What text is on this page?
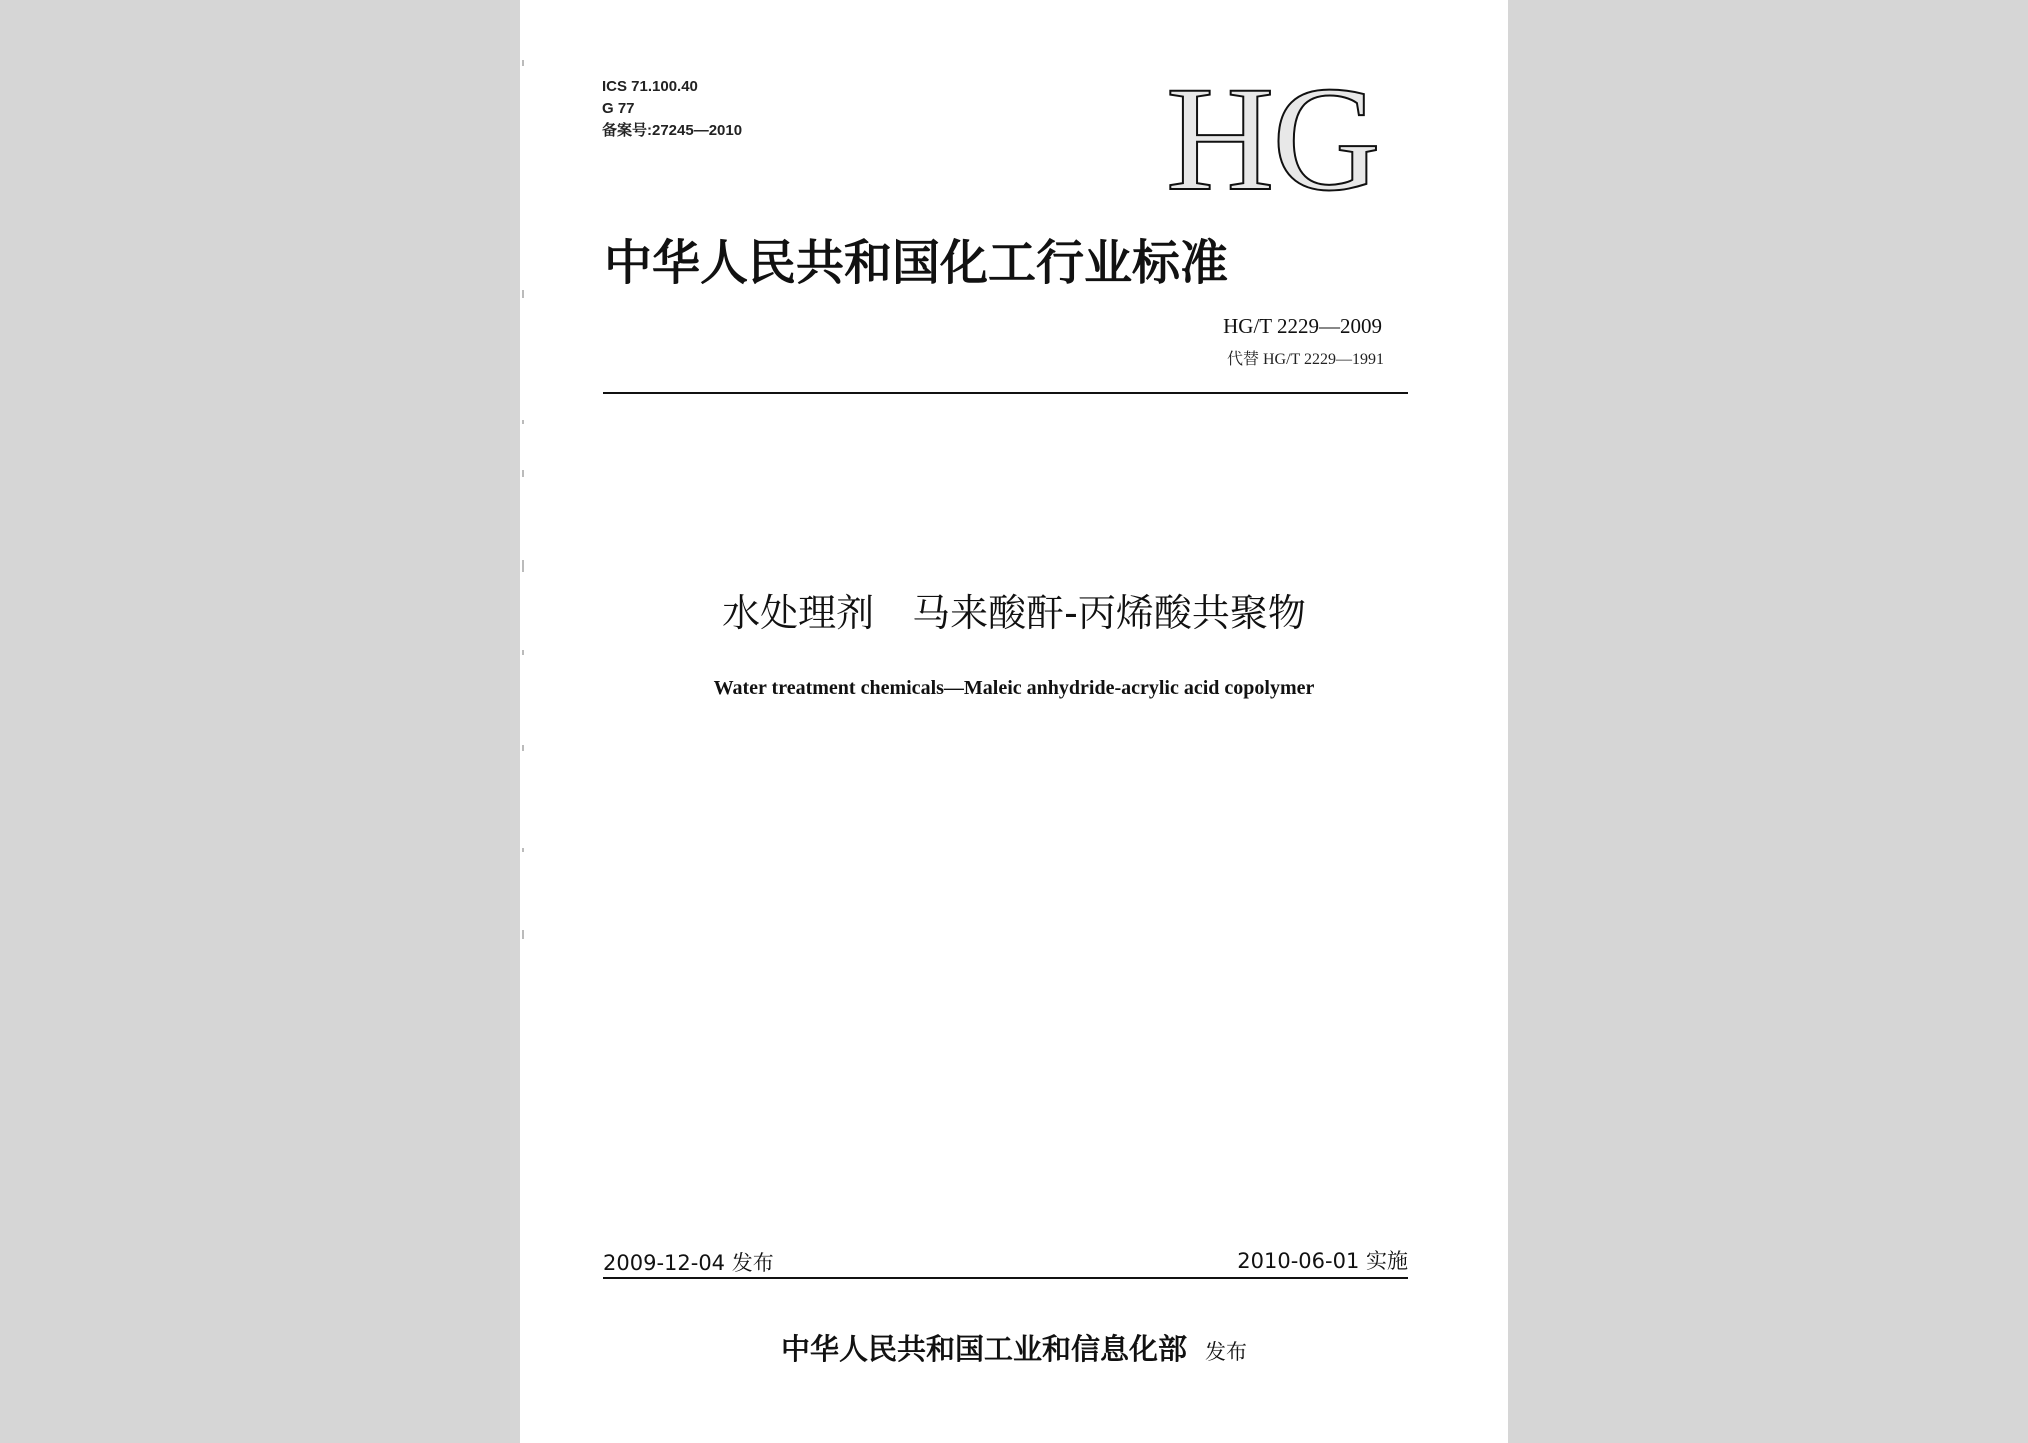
ICS 71.100.40
G 77
备案号:27245—2010	HG
中华人民共和国化工行业标准
HG/T 2229—2009
代替 HG/T 2229—1991
水处理剂　马来酸酐-丙烯酸共聚物
Water treatment chemicals—Maleic anhydride-acrylic acid copolymer
2009-12-04 发布	2010-06-01 实施
中华人民共和国工业和信息化部 发布
